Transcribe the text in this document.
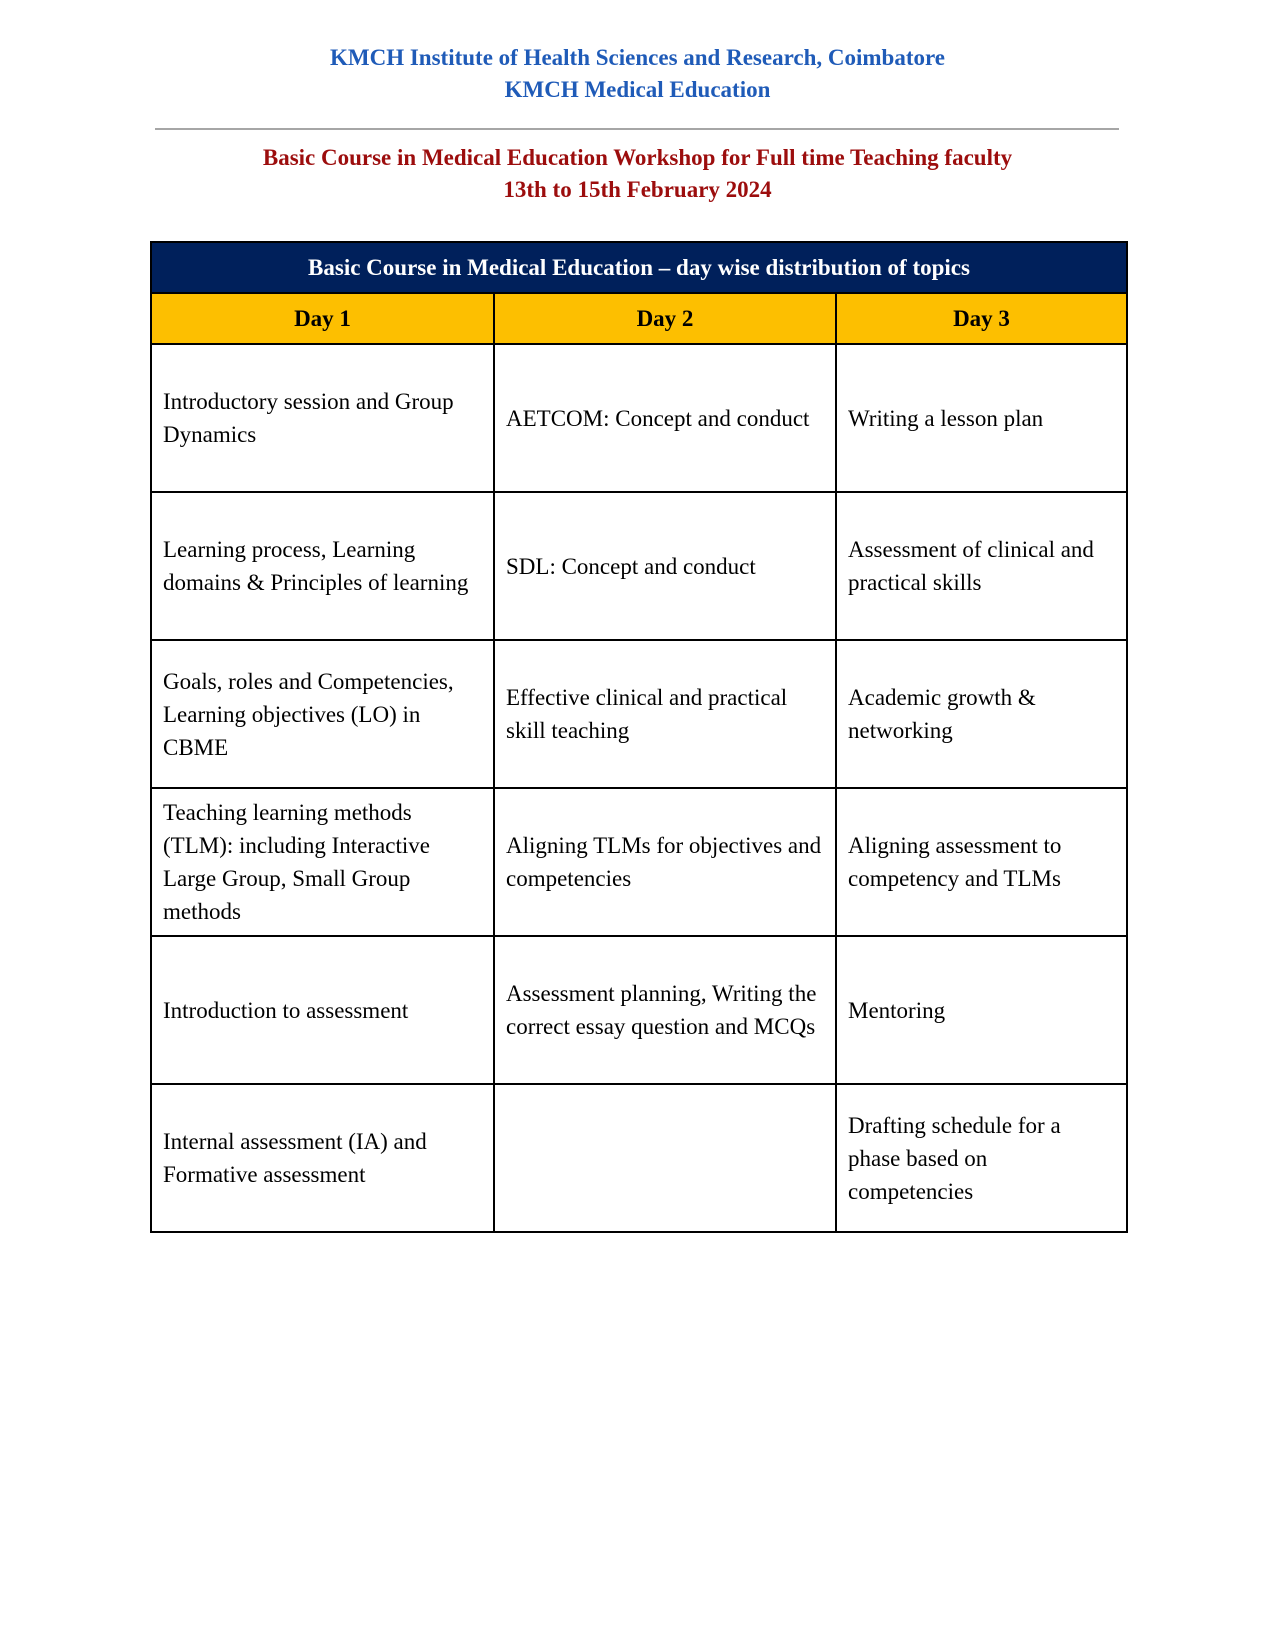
KMCH Institute of Health Sciences and Research, Coimbatore
KMCH Medical Education
Basic Course in Medical Education Workshop for Full time Teaching faculty
13th to 15th February 2024
Basic Course in Medical Education – day wise distribution of topics		
Day 1	Day 2	Day 3
Introductory session and Group Dynamics	AETCOM: Concept and conduct	Writing a lesson plan
Learning process, Learning domains & Principles of learning	SDL: Concept and conduct	Assessment of clinical and practical skills
Goals, roles and Competencies, Learning objectives (LO) in CBME	Effective clinical and practical skill teaching	Academic growth & networking
Teaching learning methods (TLM): including Interactive Large Group, Small Group methods	Aligning TLMs for objectives and competencies	Aligning assessment to competency and TLMs
Introduction to assessment	Assessment planning, Writing the correct essay question and MCQs	Mentoring
Internal assessment (IA) and Formative assessment		Drafting schedule for a phase based on competencies
